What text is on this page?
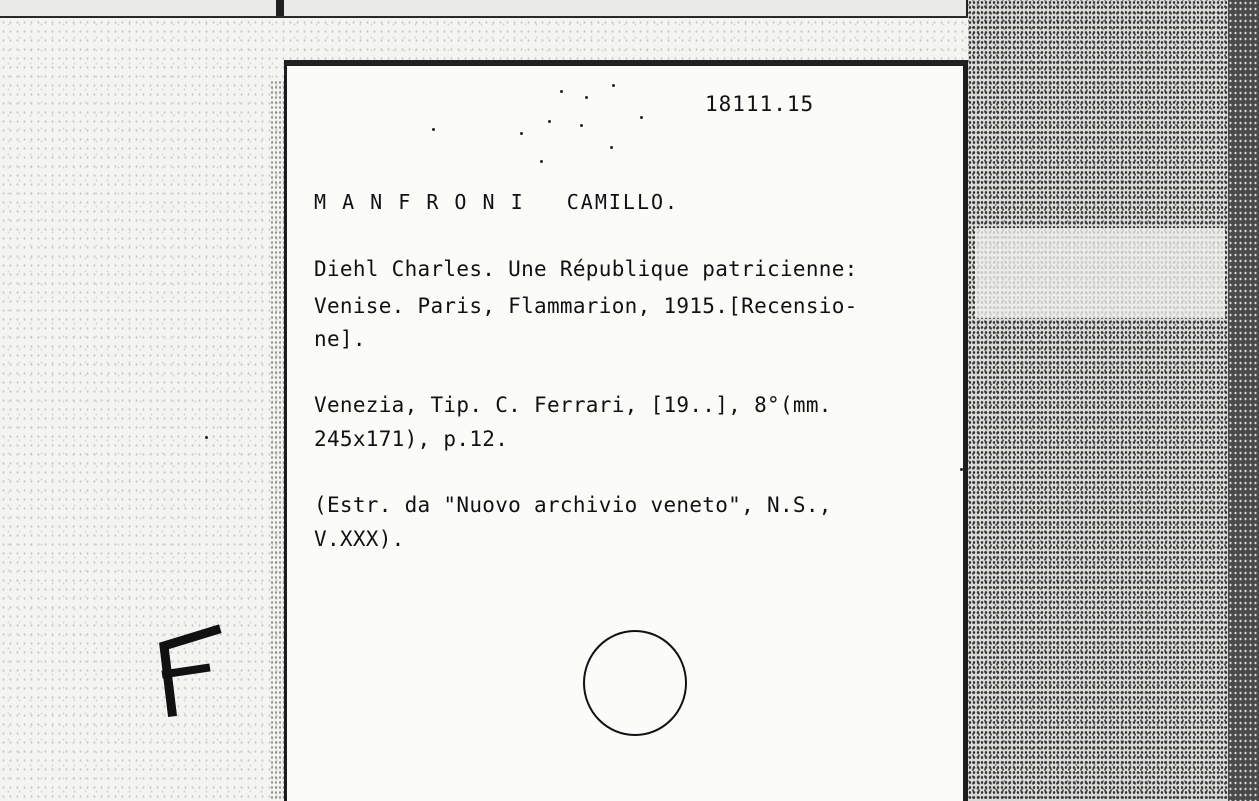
18111.15

M A N F R O N I   CAMILLO.

Diehl Charles. Une République patricienne:

Venise. Paris, Flammarion, 1915.[Recensio-

ne].

Venezia, Tip. C. Ferrari, [19..], 8°(mm.

245x171), p.12.

(Estr. da "Nuovo archivio veneto", N.S.,

V.XXX).
